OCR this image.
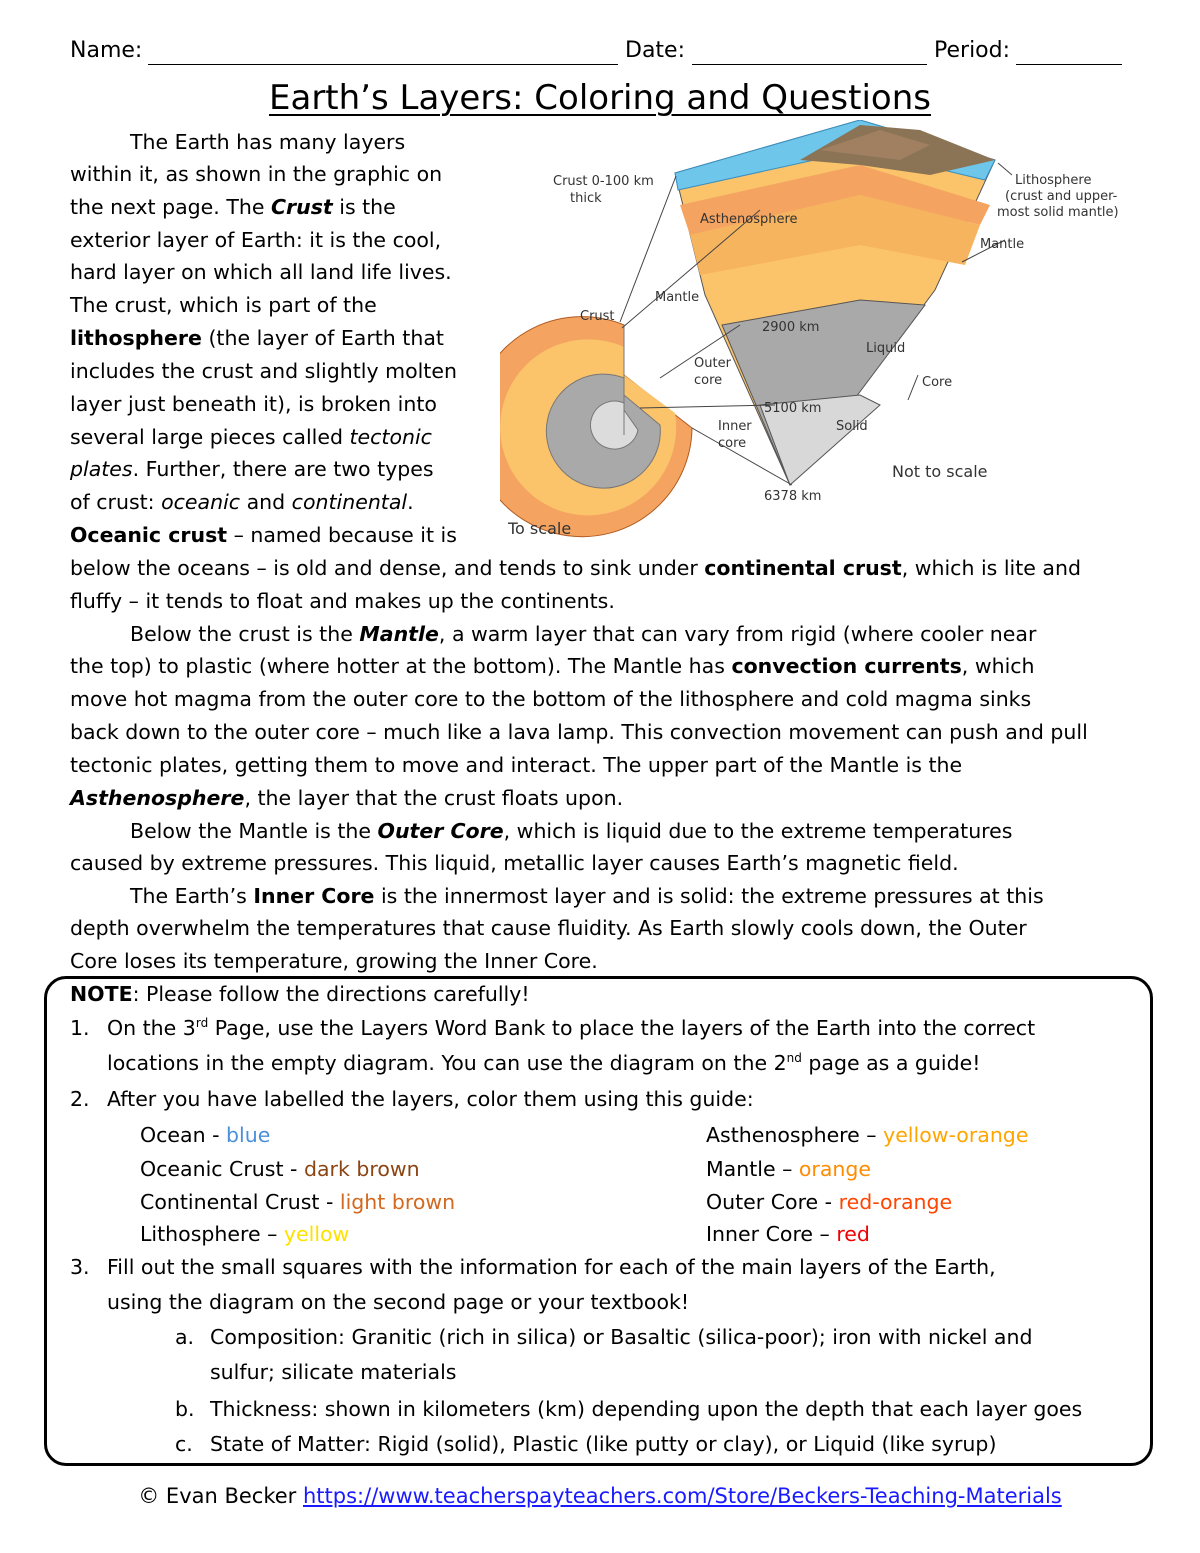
Name:	Date:	Period:
Earth’s Layers: Coloring and Questions
Crust 0-100 km
thick
Lithosphere
(crust and upper-
most solid mantle)
Asthenosphere
Mantle
Mantle
Crust
2900 km
Liquid
Outer
core	Core
5100 km
Inner
core
Solid
Not to scale
6378 km
To scale
The Earth has many layers
within it, as shown in the graphic on
the next page. The Crust is the
exterior layer of Earth: it is the cool,
hard layer on which all land life lives.
The crust, which is part of the
lithosphere (the layer of Earth that
includes the crust and slightly molten
layer just beneath it), is broken into
several large pieces called tectonic
plates. Further, there are two types
of crust: oceanic and continental.
Oceanic crust – named because it is
below the oceans – is old and dense, and tends to sink under continental crust, which is lite and
fluffy – it tends to float and makes up the continents.
Below the crust is the Mantle, a warm layer that can vary from rigid (where cooler near
the top) to plastic (where hotter at the bottom). The Mantle has convection currents, which
move hot magma from the outer core to the bottom of the lithosphere and cold magma sinks
back down to the outer core – much like a lava lamp. This convection movement can push and pull
tectonic plates, getting them to move and interact. The upper part of the Mantle is the
Asthenosphere, the layer that the crust floats upon.
Below the Mantle is the Outer Core, which is liquid due to the extreme temperatures
caused by extreme pressures. This liquid, metallic layer causes Earth’s magnetic field.
The Earth’s Inner Core is the innermost layer and is solid: the extreme pressures at this
depth overwhelm the temperatures that cause fluidity. As Earth slowly cools down, the Outer
Core loses its temperature, growing the Inner Core.
NOTE: Please follow the directions carefully!
1. On the 3rd Page, use the Layers Word Bank to place the layers of the Earth into the correct
locations in the empty diagram. You can use the diagram on the 2nd page as a guide!
2. After you have labelled the layers, color them using this guide:
Ocean - blue
Oceanic Crust - dark brown
Continental Crust - light brown
Lithosphere – yellow
Asthenosphere – yellow-orange
Mantle – orange
Outer Core - red-orange
Inner Core – red
3. Fill out the small squares with the information for each of the main layers of the Earth,
using the diagram on the second page or your textbook!
a. Composition: Granitic (rich in silica) or Basaltic (silica-poor); iron with nickel and
sulfur; silicate materials
b. Thickness: shown in kilometers (km) depending upon the depth that each layer goes
c. State of Matter: Rigid (solid), Plastic (like putty or clay), or Liquid (like syrup)
© Evan Becker https://www.teacherspayteachers.com/Store/Beckers-Teaching-Materials
